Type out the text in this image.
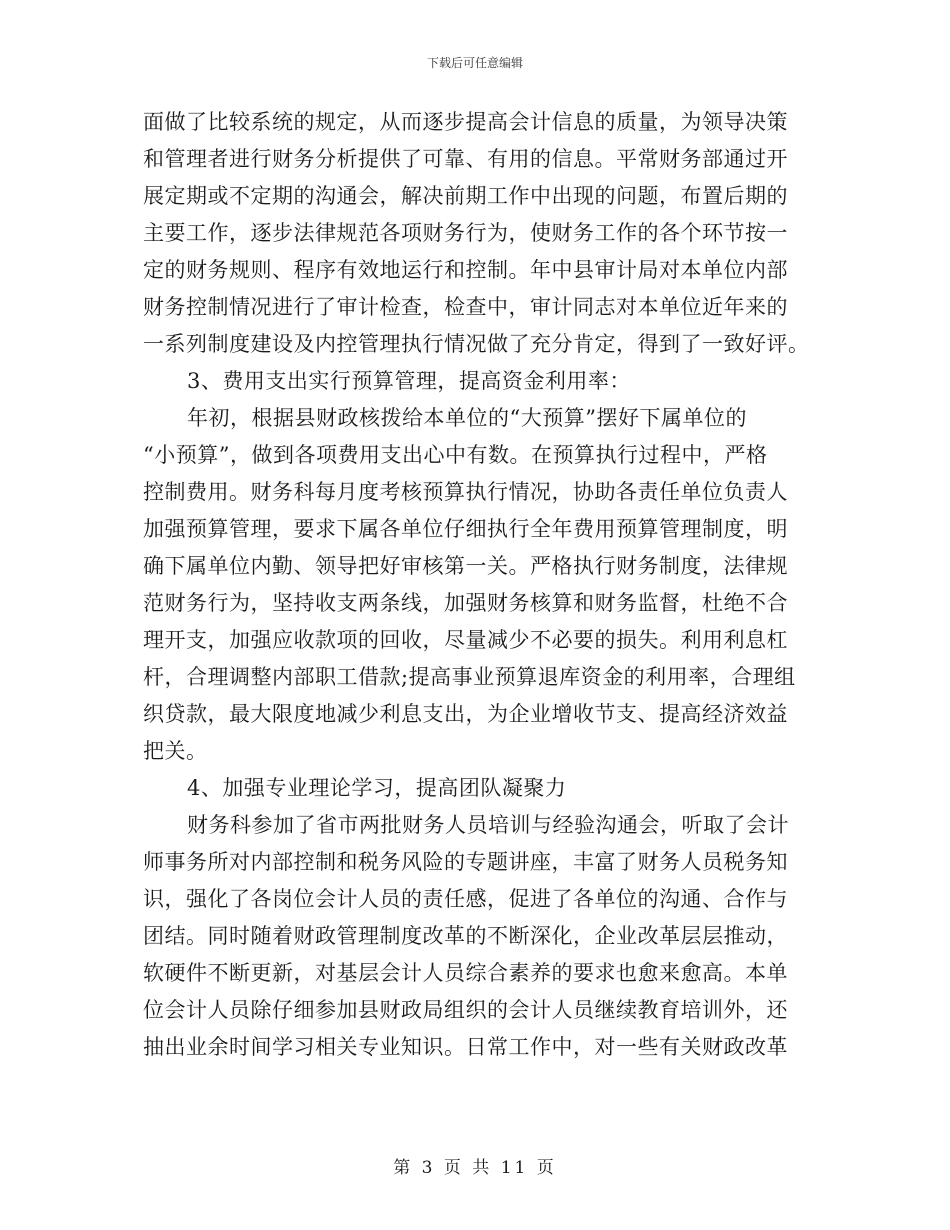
下载后可任意编辑
面做了比较系统的规定，从而逐步提高会计信息的质量，为领导决策
和管理者进行财务分析提供了可靠、有用的信息。平常财务部通过开
展定期或不定期的沟通会，解决前期工作中出现的问题，布置后期的
主要工作，逐步法律规范各项财务行为，使财务工作的各个环节按一
定的财务规则、程序有效地运行和控制。年中县审计局对本单位内部
财务控制情况进行了审计检查，检查中，审计同志对本单位近年来的
一系列制度建设及内控管理执行情况做了充分肯定，得到了一致好评。
3、费用支出实行预算管理，提高资金利用率：
年初，根据县财政核拨给本单位的“大预算”摆好下属单位的
“小预算”，做到各项费用支出心中有数。在预算执行过程中，严格
控制费用。财务科每月度考核预算执行情况，协助各责任单位负责人
加强预算管理，要求下属各单位仔细执行全年费用预算管理制度，明
确下属单位内勤、领导把好审核第一关。严格执行财务制度，法律规
范财务行为，坚持收支两条线，加强财务核算和财务监督，杜绝不合
理开支，加强应收款项的回收，尽量减少不必要的损失。利用利息杠
杆，合理调整内部职工借款;提高事业预算退库资金的利用率，合理组
织贷款，最大限度地减少利息支出，为企业增收节支、提高经济效益
把关。
4、加强专业理论学习，提高团队凝聚力
财务科参加了省市两批财务人员培训与经验沟通会，听取了会计
师事务所对内部控制和税务风险的专题讲座，丰富了财务人员税务知
识，强化了各岗位会计人员的责任感，促进了各单位的沟通、合作与
团结。同时随着财政管理制度改革的不断深化，企业改革层层推动，
软硬件不断更新，对基层会计人员综合素养的要求也愈来愈高。本单
位会计人员除仔细参加县财政局组织的会计人员继续教育培训外，还
抽出业余时间学习相关专业知识。日常工作中，对一些有关财政改革
第 3 页 共 11 页
